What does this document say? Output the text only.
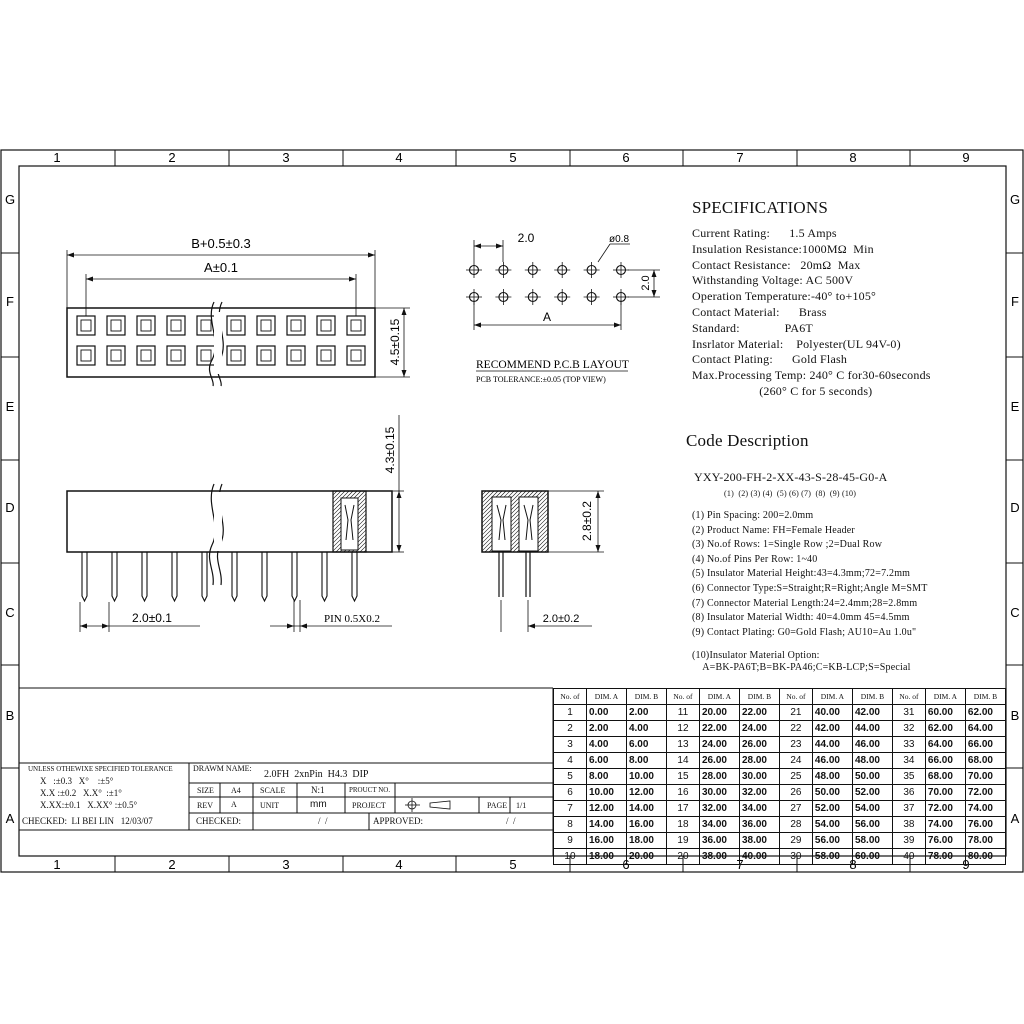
B+0.5±0.3
A±0.1
4.5±0.15
4.3±0.15
2.0±0.1	PIN 0.5X0.2
2.8±0.2
2.0±0.2
2.0	ø0.8
2.0
A
RECOMMEND P.C.B LAYOUT
PCB TOLERANCE:±0.05 (TOP VIEW)
1
1
2
2
3
3
4
4
5
5
6
6
7
7
8
8
9
9
G	G
F	F
E	E
D	D
C	C
B	B
A	A
SPECIFICATIONS
Current Rating:      1.5 Amps
Insulation Resistance:1000MΩ  Min
Contact Resistance:   20mΩ  Max
Withstanding Voltage: AC 500V
Operation Temperature:-40° to+105°
Contact Material:      Brass
Standard:              PA6T
Insrlator Material:    Polyester(UL 94V-0)
Contact Plating:      Gold Flash
Max.Processing Temp: 240° C for30-60seconds
(260° C for 5 seconds)
Code Description
YXY-200-FH-2-XX-43-S-28-45-G0-A
(1)  (2) (3) (4)  (5) (6) (7)  (8)  (9) (10)
(1) Pin Spacing: 200=2.0mm
(2) Product Name: FH=Female Header
(3) No.of Rows: 1=Single Row ;2=Dual Row
(4) No.of Pins Per Row: 1~40
(5) Insulator Material Height:43=4.3mm;72=7.2mm
(6) Connector Type:S=Straight;R=Right;Angle M=SMT
(7) Connector Material Length:24=2.4mm;28=2.8mm
(8) Insulator Material Width: 40=4.0mm 45=4.5mm
(9) Contact Plating: G0=Gold Flash; AU10=Au 1.0u"
(10)Insulator Material Option:
A=BK-PA6T;B=BK-PA46;C=KB-LCP;S=Special
No. of	DIM. A	DIM. B	No. of	DIM. A	DIM. B	No. of	DIM. A	DIM. B	No. of	DIM. A	DIM. B
1	0.00	2.00	11	20.00	22.00	21	40.00	42.00	31	60.00	62.00
2	2.00	4.00	12	22.00	24.00	22	42.00	44.00	32	62.00	64.00
3	4.00	6.00	13	24.00	26.00	23	44.00	46.00	33	64.00	66.00
4	6.00	8.00	14	26.00	28.00	24	46.00	48.00	34	66.00	68.00
5	8.00	10.00	15	28.00	30.00	25	48.00	50.00	35	68.00	70.00
6	10.00	12.00	16	30.00	32.00	26	50.00	52.00	36	70.00	72.00
7	12.00	14.00	17	32.00	34.00	27	52.00	54.00	37	72.00	74.00
8	14.00	16.00	18	34.00	36.00	28	54.00	56.00	38	74.00	76.00
9	16.00	18.00	19	36.00	38.00	29	56.00	58.00	39	76.00	78.00
10	18.00	20.00	20	38.00	40.00	30	58.00	60.00	40	78.00	80.00
UNLESS OTHEWIXE SPECIFIED TOLERANCE
X   :±0.3   X°    :±5°
X.X :±0.2   X.X°  :±1°
X.XX:±0.1   X.XX° :±0.5°
DRAWM NAME:
2.0FH  2xnPin  H4.3  DIP
SIZE A4 SCALE	N:1	PROUCT NO.
REV A	UNIT	mm	PROJECT	PAGE 1/1
CHECKED:  LI BEI LIN   12/03/07	CHECKED:	/  /	APPROVED:	/  /
